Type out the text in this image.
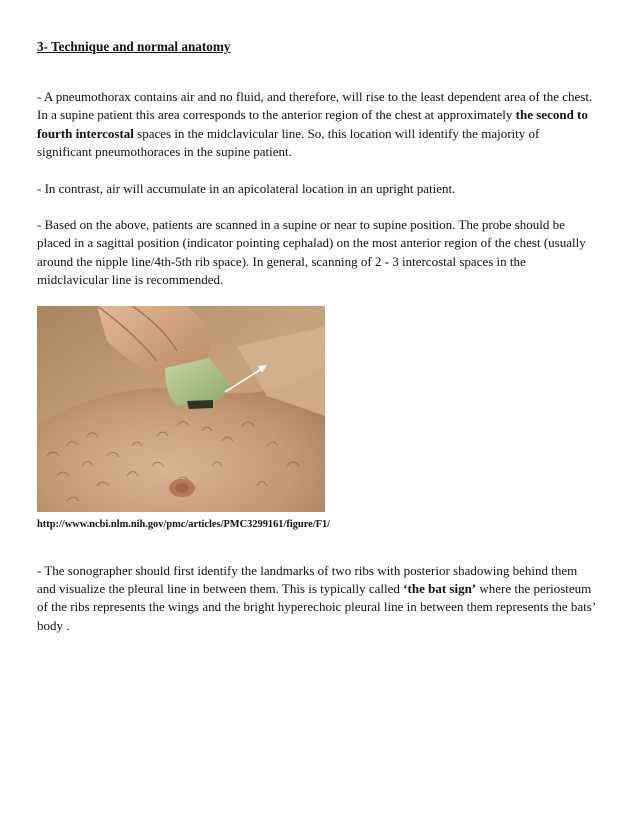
3- Technique and normal anatomy

- A pneumothorax contains air and no fluid, and therefore, will rise to the least dependent area of the chest. In a supine patient this area corresponds to the anterior region of the chest at approximately the second to fourth intercostal spaces in the midclavicular line. So, this location will identify the majority of significant pneumothoraces in the supine patient.

- In contrast, air will accumulate in an apicolateral location in an upright patient.

- Based on the above, patients are scanned in a supine or near to supine position. The probe should be placed in a sagittal position (indicator pointing cephalad) on the most anterior region of the chest (usually around the nipple line/4th-5th rib space). In general, scanning of 2 - 3 intercostal spaces in the midclavicular line is recommended.

http://www.ncbi.nlm.nih.gov/pmc/articles/PMC3299161/figure/F1/

- The sonographer should first identify the landmarks of two ribs with posterior shadowing behind them and visualize the pleural line in between them. This is typically called ‘the bat sign’ where the periosteum of the ribs represents the wings and the bright hyperechoic pleural line in between them represents the bats’ body .
